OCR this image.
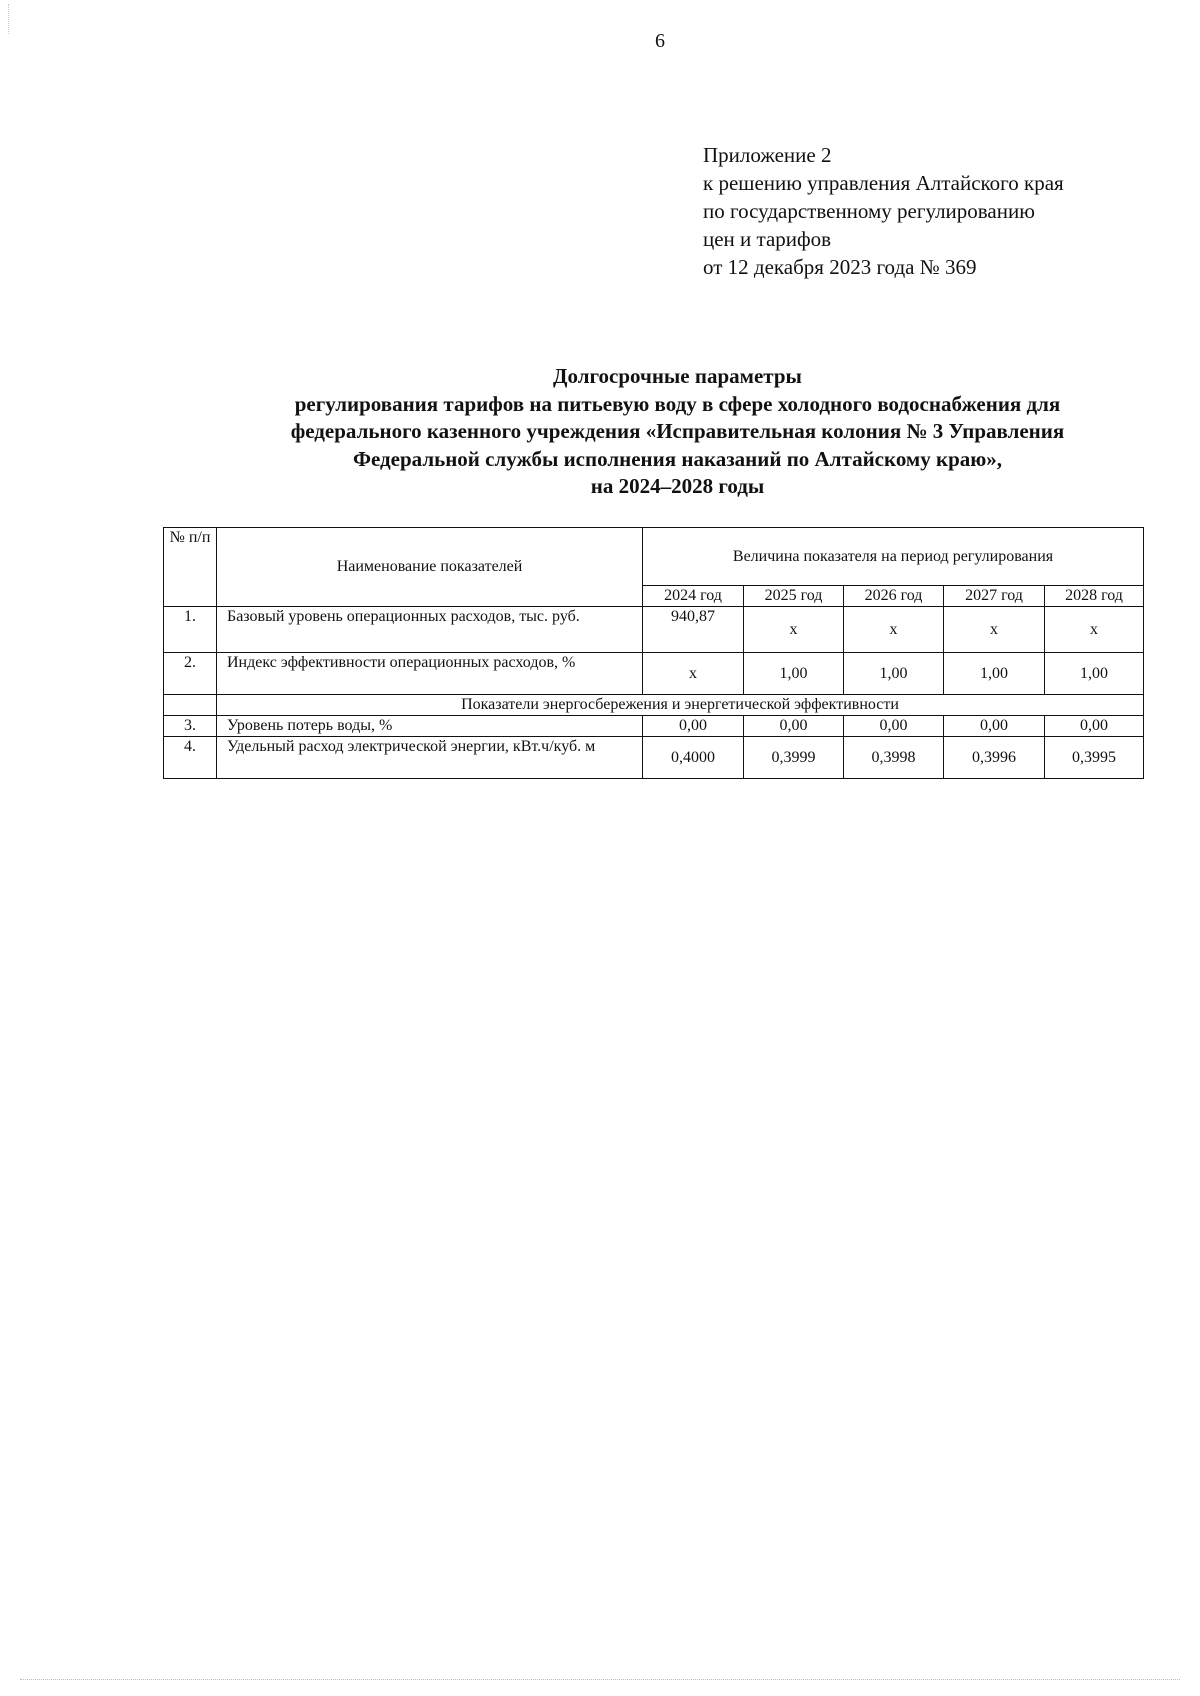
6
Приложение 2
к решению управления Алтайского края
по государственному регулированию
цен и тарифов
от 12 декабря 2023 года № 369
Долгосрочные параметры
регулирования тарифов на питьевую воду в сфере холодного водоснабжения для
федерального казенного учреждения «Исправительная колония № 3 Управления
Федеральной службы исполнения наказаний по Алтайскому краю»,
на 2024–2028 годы
№ п/п	Наименование показателей	Величина показателя на период регулирования				
		2024 год	2025 год	2026 год	2027 год	2028 год
1.	Базовый уровень операционных расходов, тыс. руб.	940,87	x	x	x	x
2.	Индекс эффективности операционных расходов, %	x	1,00	1,00	1,00	1,00
	Показатели энергосбережения и энергетической эффективности					
3.	Уровень потерь воды, %	0,00	0,00	0,00	0,00	0,00
4.	Удельный расход электрической энергии, кВт.ч/куб. м	0,4000	0,3999	0,3998	0,3996	0,3995
